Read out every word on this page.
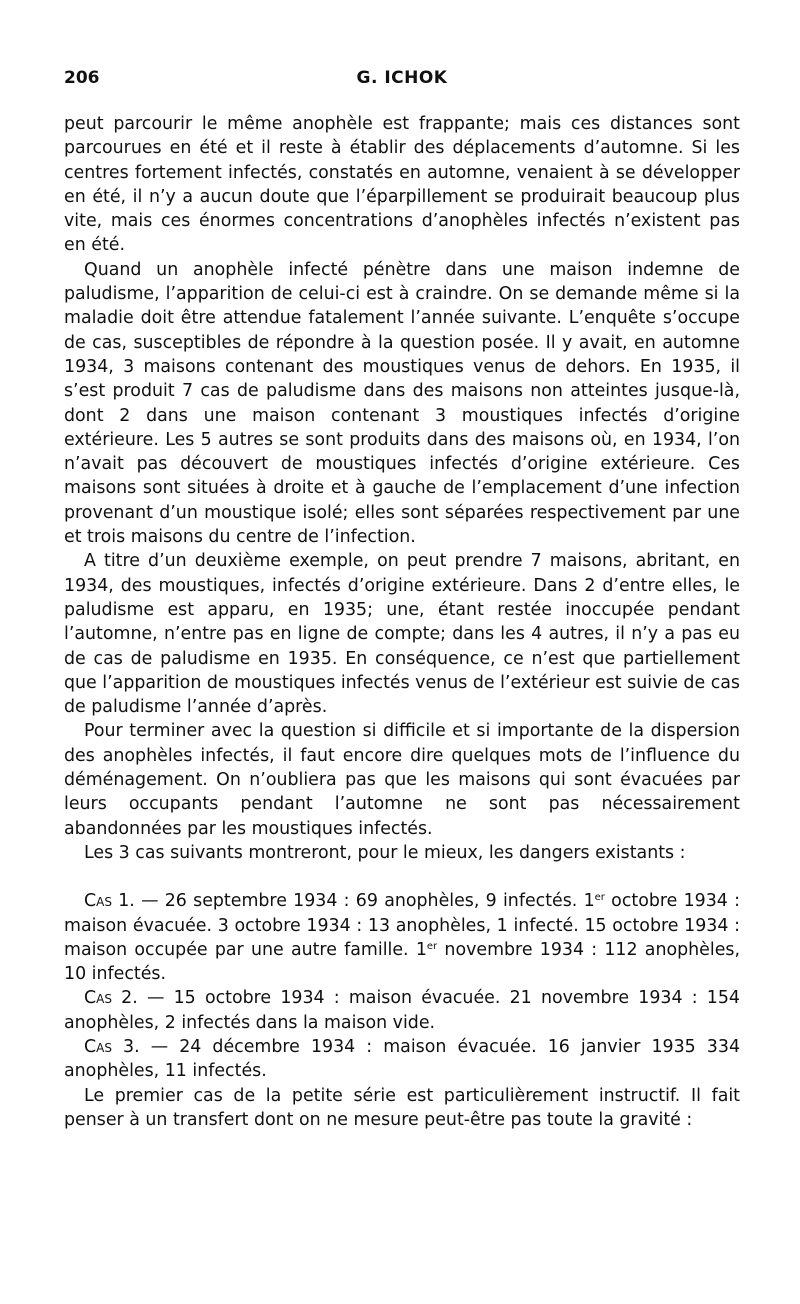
206	G. ICHOK

peut parcourir le même anophèle est frappante; mais ces distances sont parcourues en été et il reste à établir des déplacements d’automne. Si les centres fortement infectés, constatés en automne, venaient à se développer en été, il n’y a aucun doute que l’éparpillement se produirait beaucoup plus vite, mais ces énormes concentrations d’anophèles infectés n’existent pas en été.

Quand un anophèle infecté pénètre dans une maison indemne de paludisme, l’apparition de celui-ci est à craindre. On se demande même si la maladie doit être attendue fatalement l’année suivante. L’enquête s’occupe de cas, susceptibles de répondre à la question posée. Il y avait, en automne 1934, 3 maisons contenant des moustiques venus de dehors. En 1935, il s’est produit 7 cas de paludisme dans des maisons non atteintes jusque-là, dont 2 dans une maison contenant 3 moustiques infectés d’origine extérieure. Les 5 autres se sont produits dans des maisons où, en 1934, l’on n’avait pas découvert de moustiques infectés d’origine extérieure. Ces maisons sont situées à droite et à gauche de l’emplacement d’une infection provenant d’un moustique isolé; elles sont séparées respectivement par une et trois maisons du centre de l’infection.

A titre d’un deuxième exemple, on peut prendre 7 maisons, abritant, en 1934, des moustiques, infectés d’origine extérieure. Dans 2 d’entre elles, le paludisme est apparu, en 1935; une, étant restée inoccupée pendant l’automne, n’entre pas en ligne de compte; dans les 4 autres, il n’y a pas eu de cas de paludisme en 1935. En conséquence, ce n’est que partiellement que l’apparition de moustiques infectés venus de l’extérieur est suivie de cas de paludisme l’année d’après.

Pour terminer avec la question si difficile et si importante de la dispersion des anophèles infectés, il faut encore dire quelques mots de l’influence du déménagement. On n’oubliera pas que les maisons qui sont évacuées par leurs occupants pendant l’automne ne sont pas nécessairement abandonnées par les moustiques infectés.

Les 3 cas suivants montreront, pour le mieux, les dangers existants :

Cas 1. — 26 septembre 1934 : 69 anophèles, 9 infectés. 1er octobre 1934 : maison évacuée. 3 octobre 1934 : 13 anophèles, 1 infecté. 15 octobre 1934 : maison occupée par une autre famille. 1er novembre 1934 : 112 anophèles, 10 infectés.

Cas 2. — 15 octobre 1934 : maison évacuée. 21 novembre 1934 : 154 anophèles, 2 infectés dans la maison vide.

Cas 3. — 24 décembre 1934 : maison évacuée. 16 janvier 1935 334 anophèles, 11 infectés.

Le premier cas de la petite série est particulièrement instructif. Il fait penser à un transfert dont on ne mesure peut-être pas toute la gravité :
